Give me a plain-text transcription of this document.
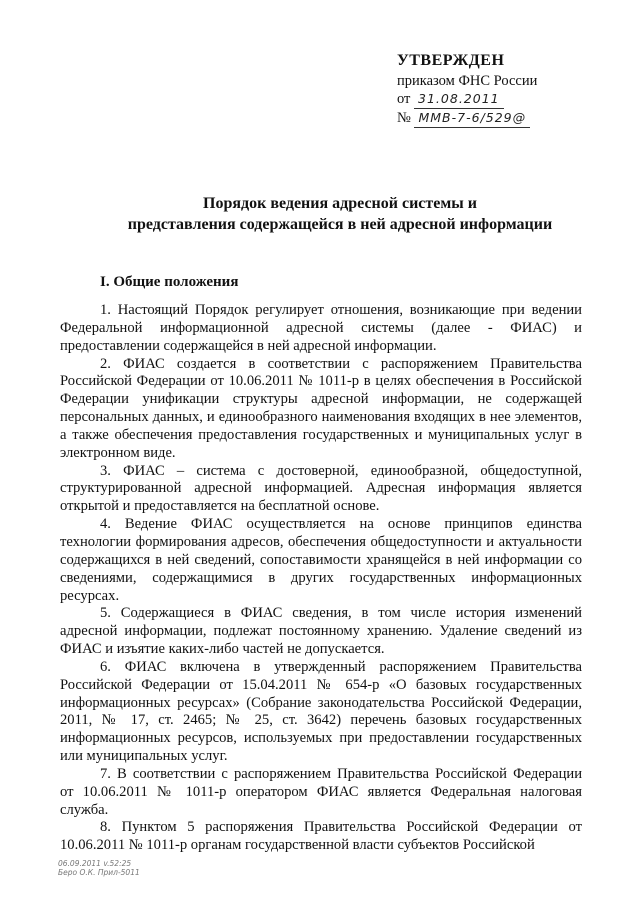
УТВЕРЖДЕН
приказом ФНС России
от 31.08.2011
№ ММВ-7-6/529@
Порядок ведения адресной системы и
представления содержащейся в ней адресной информации
I. Общие положения

1. Настоящий Порядок регулирует отношения, возникающие при ведении Федеральной информационной адресной системы (далее - ФИАС) и предоставлении содержащейся в ней адресной информации.

2. ФИАС создается в соответствии с распоряжением Правительства Российской Федерации от 10.06.2011 № 1011-р в целях обеспечения в Российской Федерации унификации структуры адресной информации, не содержащей персональных данных, и единообразного наименования входящих в нее элементов, а также обеспечения предоставления государственных и муниципальных услуг в электронном виде.

3. ФИАС – система с достоверной, единообразной, общедоступной, структурированной адресной информацией. Адресная информация является открытой и предоставляется на бесплатной основе.

4. Ведение ФИАС осуществляется на основе принципов единства технологии формирования адресов, обеспечения общедоступности и актуальности содержащихся в ней сведений, сопоставимости хранящейся в ней информации со сведениями, содержащимися в других государственных информационных ресурсах.

5. Содержащиеся в ФИАС сведения, в том числе история изменений адресной информации, подлежат постоянному хранению. Удаление сведений из ФИАС и изъятие каких-либо частей не допускается.

6. ФИАС включена в утвержденный распоряжением Правительства Российской Федерации от 15.04.2011 № 654-р «О базовых государственных информационных ресурсах» (Собрание законодательства Российской Федерации, 2011, № 17, ст. 2465; № 25, ст. 3642) перечень базовых государственных информационных ресурсов, используемых при предоставлении государственных или муниципальных услуг.

7. В соответствии с распоряжением Правительства Российской Федерации от 10.06.2011 № 1011-р оператором ФИАС является Федеральная налоговая служба.

8. Пунктом 5 распоряжения Правительства Российской Федерации от 10.06.2011 № 1011-р органам государственной власти субъектов Российской

06.09.2011 v.52:25
Беро О.К. Прил-5011
